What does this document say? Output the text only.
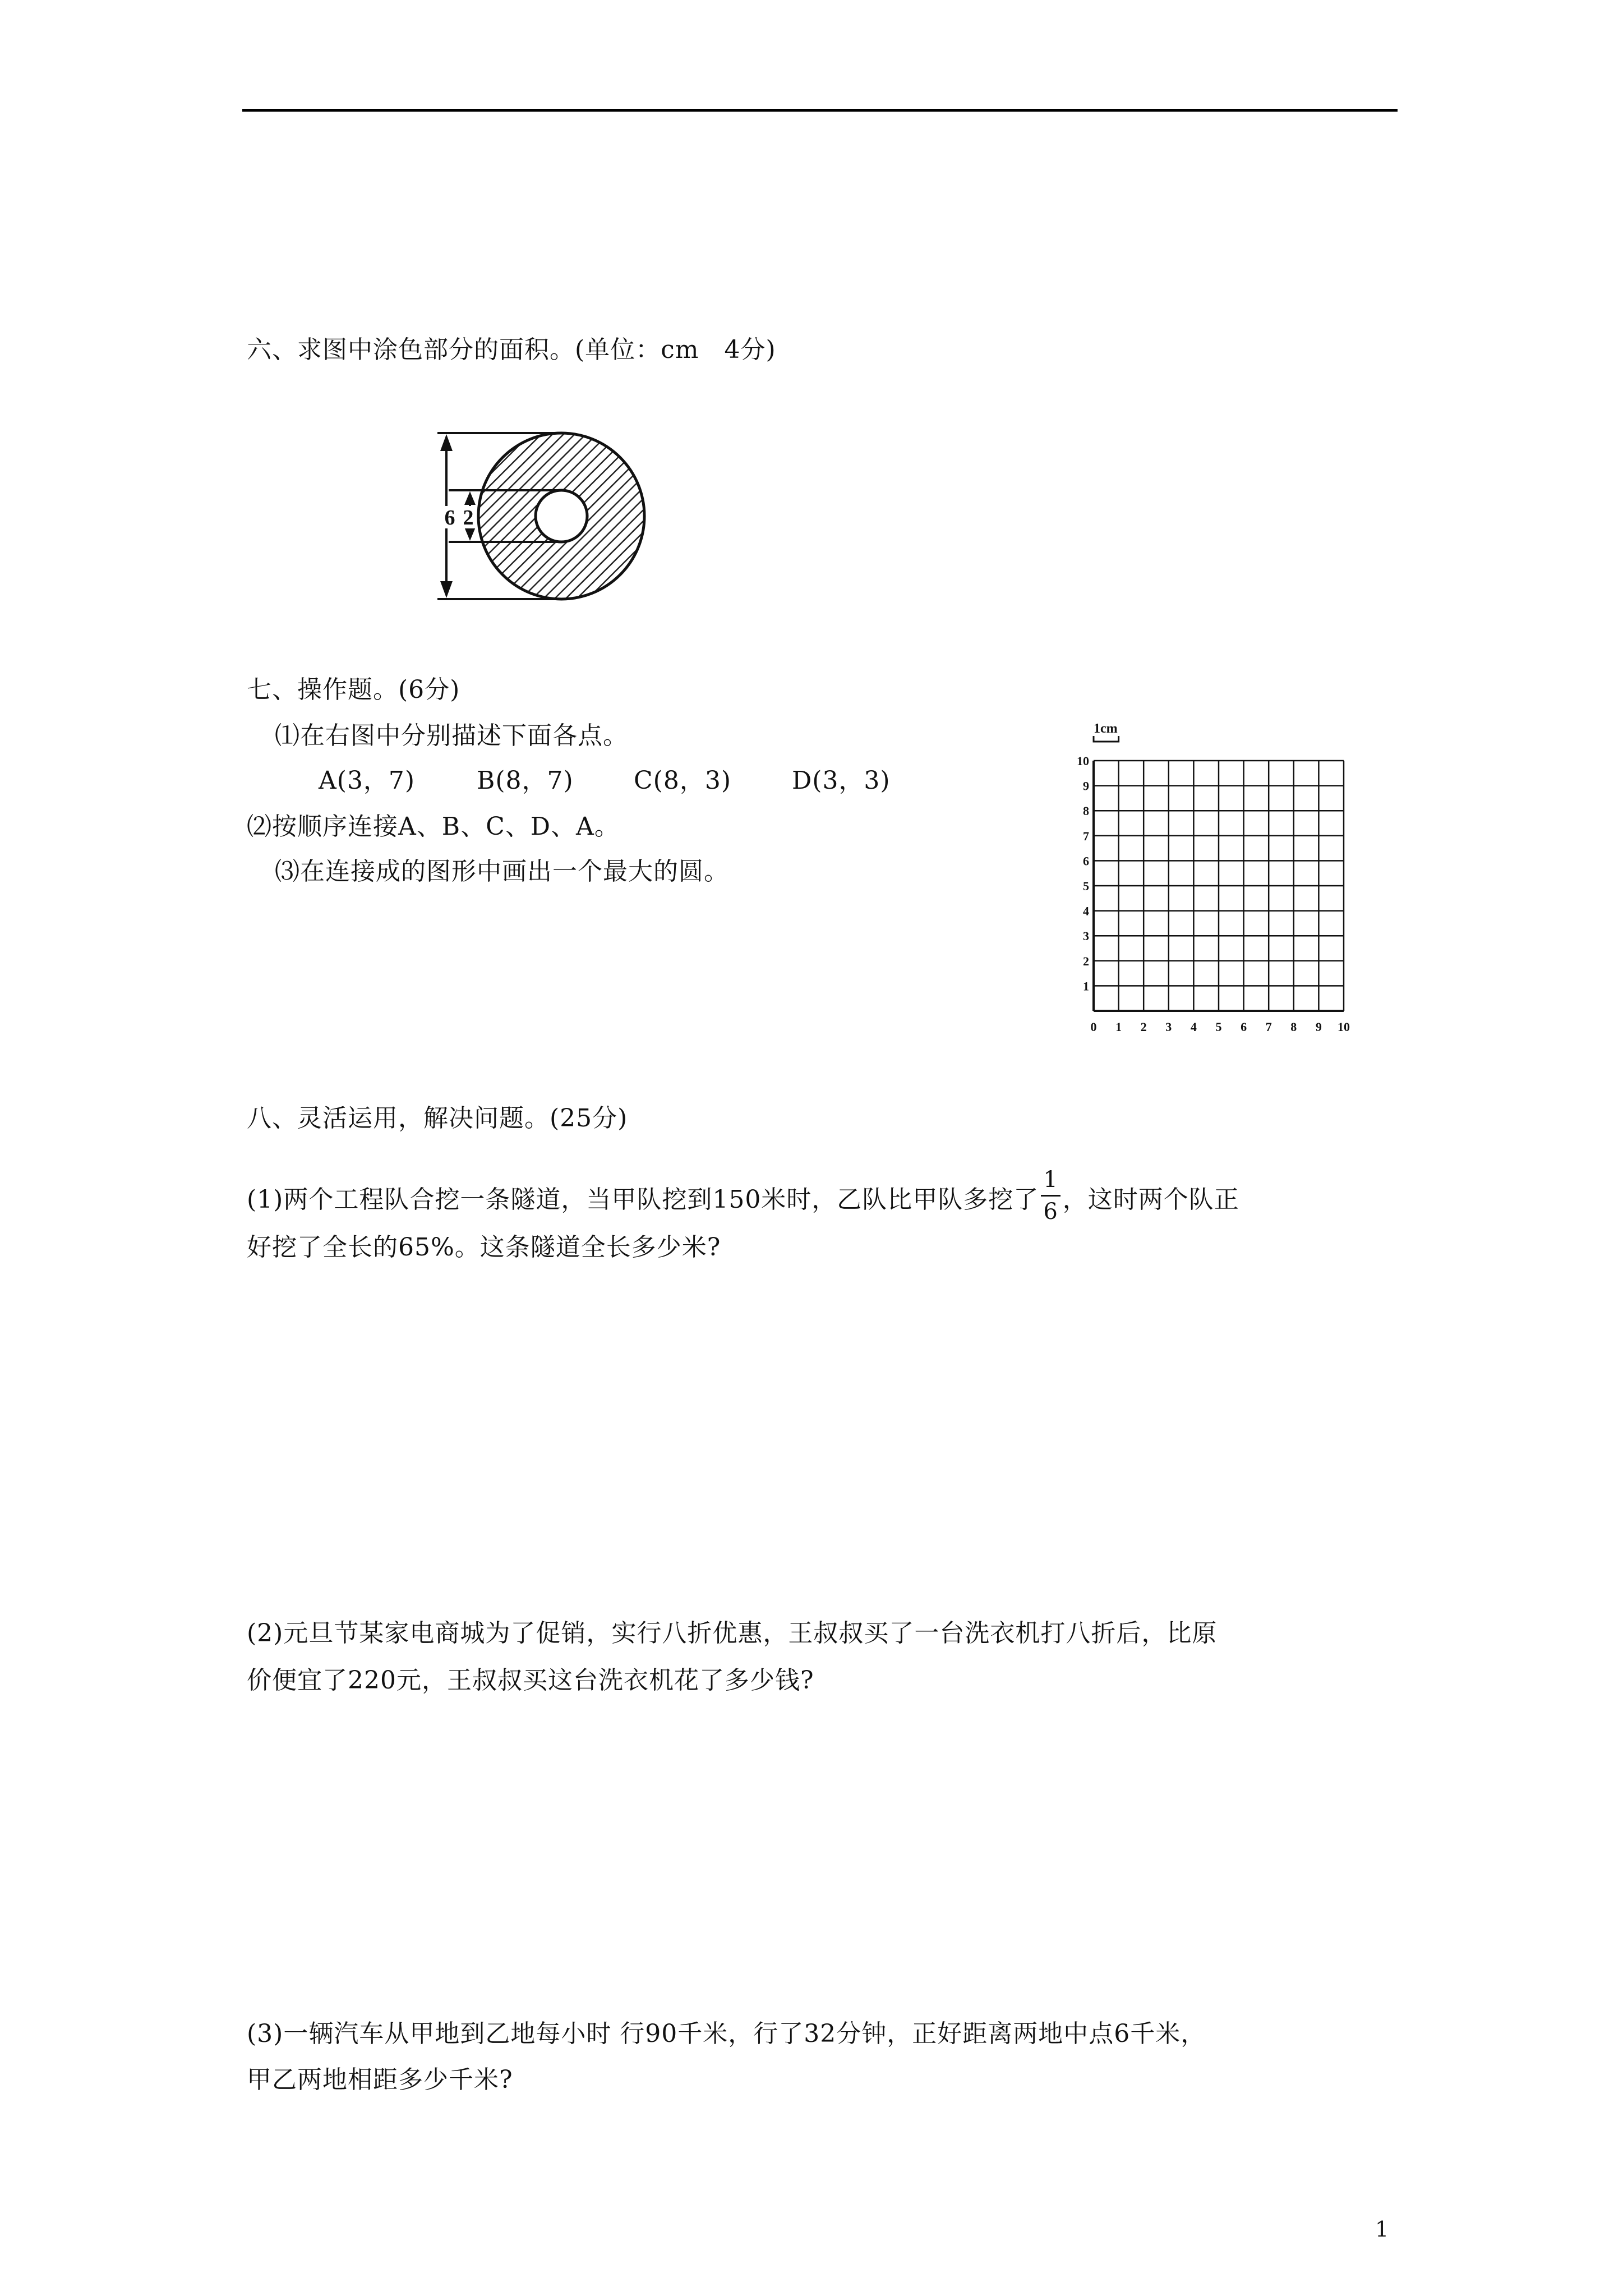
六、求图中涂色部分的面积。(单位：cm　4分)
6 2
七、操作题。(6分)
⑴在右图中分别描述下面各点。
A(3，7) B(8，7) C(8，3) D(3，3)
⑵按顺序连接A、B、C、D、A。
⑶在连接成的图形中画出一个最大的圆。
1cm
0 1 2 3 4 5 6 7 8 9 10
1
2
3
4
5
6
7
8
9
10
八、灵活运用，解决问题。(25分)
(1)两个工程队合挖一条隧道，当甲队挖到150米时，乙队比甲队多挖了 $\frac{1}{6}$ ，这时两个队正
好挖了全长的65%。这条隧道全长多少米?
(2)元旦节某家电商城为了促销，实行八折优惠，王叔叔买了一台洗衣机打八折后，比原
价便宜了220元，王叔叔买这台洗衣机花了多少钱?
(3)一辆汽车从甲地到乙地每小时 行90千米，行了32分钟，正好距离两地中点6千米，
甲乙两地相距多少千米?
1
